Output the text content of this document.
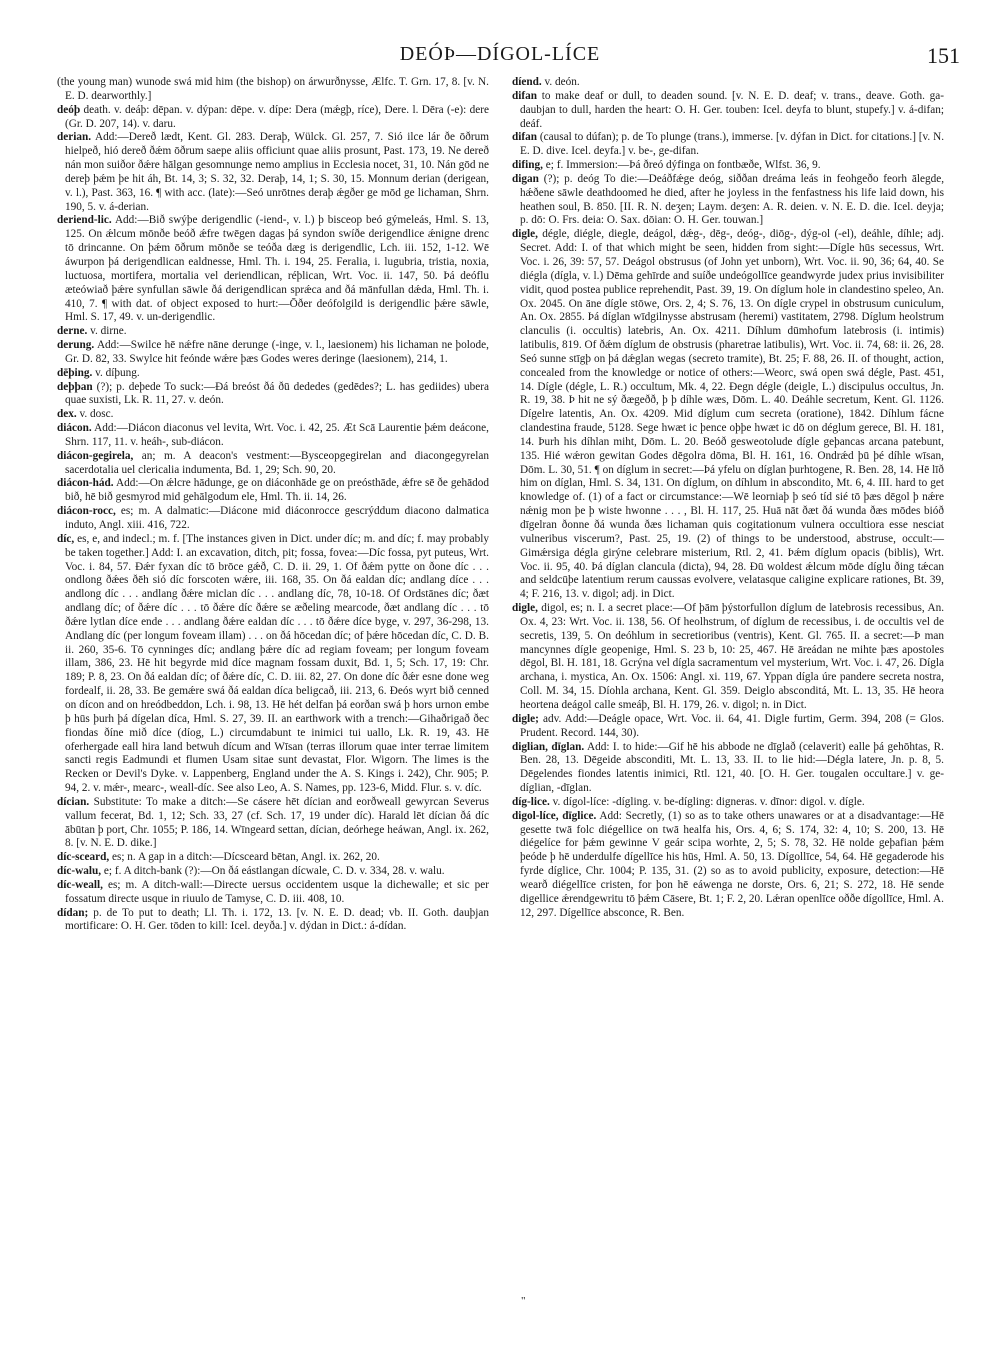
DEÓÞ—DÍGOL-LÍCE	151

(the young man) wunode swá mid him (the bishop) on árwurðnysse, Ælfc. T. Grn. 17, 8. [v. N. E. D. dearworthly.]

deóþ death. v. deáþ: dēpan. v. dýpan: dēpe. v. dípe: Dera (mǽgþ, ríce), Dere. l. Dēra (-e): dere (Gr. D. 207, 14). v. daru.

derian. Add:—Dereð lædt, Kent. Gl. 283. Deraþ, Wülck. Gl. 257, 7. Sió ilce lár ðe ōðrum hielpeð, hió dereð ðǽm ōðrum saepe aliis officiunt quae aliis prosunt, Past. 173, 19. Ne dereð nán mon suiðor ðǽre hālgan gesomnunge nemo amplius in Ecclesia nocet, 31, 10. Nán gōd ne dereþ þǽm þe hit áh, Bt. 14, 3; S. 32, 32. Deraþ, 14, 1; S. 30, 15. Monnum derian (derigean, v. l.), Past. 363, 16. ¶ with acc. (late):—Seó unrōtnes deraþ ǽgðer ge mōd ge lichaman, Shrn. 190, 5. v. á-derian.

deriend-lic. Add:—Bið swýþe derigendlic (-iend-, v. l.) þ bisceop beó gýmeleás, Hml. S. 13, 125. On ǽlcum mōnðe beóð ǽfre twēgen dagas þá syndon swíðe derigendlice ǽnigne drenc tō drincanne. On þǽm ōðrum mōnðe se teóða dæg is derigendlic, Lch. iii. 152, 1-12. Wē áwurpon þá derigendlican ealdnesse, Hml. Th. i. 194, 25. Feralia, i. lugubria, tristia, noxia, luctuosa, mortifera, mortalia vel deriendlican, réþlican, Wrt. Voc. ii. 147, 50. Þá deóflu æteówiað þǽre synfullan sāwle ðá derigendlican sprǽca and ðá mānfullan dǽda, Hml. Th. i. 410, 7. ¶ with dat. of object exposed to hurt:—Ōðer deófolgild is derigendlic þǽre sāwle, Hml. S. 17, 49. v. un-derigendlic.

derne. v. dirne.

derung. Add:—Swilce hē nǽfre nāne derunge (-inge, v. l., laesionem) his lichaman ne þolode, Gr. D. 82, 33. Swylce hit feónde wǽre þæs Godes weres deringe (laesionem), 214, 1.

dēþing. v. díþung.

deþþan (?); p. deþede To suck:—Ðá breóst ðá ðū dededes (gedēdes?; L. has gediides) ubera quae suxisti, Lk. R. 11, 27. v. deón.

dex. v. dosc.

diácon. Add:—Diácon diaconus vel levita, Wrt. Voc. i. 42, 25. Æt Scā Laurentie þǽm deácone, Shrn. 117, 11. v. heáh-, sub-diácon.

diácon-gegirela, an; m. A deacon's vestment:—Bysceopgegirelan and diacongegyrelan sacerdotalia uel clericalia indumenta, Bd. 1, 29; Sch. 90, 20.

diácon-hád. Add:—On ǽlcre hādunge, ge on diáconhāde ge on preósthāde, ǽfre sē ðe gehādod bið, hē bið gesmyrod mid gehālgodum ele, Hml. Th. ii. 14, 26.

diácon-rocc, es; m. A dalmatic:—Diácone mid diáconrocce gescrýddum diacono dalmatica induto, Angl. xiii. 416, 722.

díc, es, e, and indecl.; m. f. [The instances given in Dict. under díc; m. and díc; f. may probably be taken together.] Add: I. an excavation, ditch, pit; fossa, fovea:—Díc fossa, pyt puteus, Wrt. Voc. i. 84, 57. Ðǽr fyxan díc tō brōce gǽð, C. D. ii. 29, 1. Of ðǽm pytte on ðone díc . . . ondlong ðǽes ðēh sió díc forscoten wǽre, iii. 168, 35. On ðá ealdan díc; andlang díce . . . andlong díc . . . andlang ðǽre miclan díc . . . andlang díc, 78, 10-18. Of Ordstānes díc; ðæt andlang díc; of ðǽre díc . . . tō ðǽre díc ðǽre se æðeling mearcode, ðæt andlang díc . . . tō ðǽre lytlan díce ende . . . andlang ðǽre ealdan díc . . . tō ðǽre díce byge, v. 297, 36-298, 13. Andlang díc (per longum foveam illam) . . . on ðá hōcedan díc; of þǽre hōcedan díc, C. D. B. ii. 260, 35-6. Tō cynninges díc; andlang þǽre díc ad regiam foveam; per longum foveam illam, 386, 23. Hē hit begyrde mid díce magnam fossam duxit, Bd. 1, 5; Sch. 17, 19: Chr. 189; P. 8, 23. On ðá ealdan díc; of ðǽre díc, C. D. iii. 82, 27. On done díc ðǽr esne done weg fordealf, ii. 28, 33. Be gemǽre swá ðá ealdan díca beligcað, iii. 213, 6. Ðeós wyrt bið cenned on dícon and on hreódbeddon, Lch. i. 98, 13. Hē hét delfan þá eorðan swá þ hors urnon embe þ hūs þurh þá dígelan díca, Hml. S. 27, 39. II. an earthwork with a trench:—Gihaðrigað ðec fiondas ðíne mið díce (díog, L.) circumdabunt te inimici tui uallo, Lk. R. 19, 43. Hē oferhergade eall hira land betwuh dícum and Wīsan (terras illorum quae inter terrae limitem sancti regis Eadmundi et flumen Usam sitae sunt devastat, Flor. Wigorn. The limes is the Recken or Devil's Dyke. v. Lappenberg, England under the A. S. Kings i. 242), Chr. 905; P. 94, 2. v. mǽr-, mearc-, weall-díc. See also Leo, A. S. Names, pp. 123-6, Midd. Flur. s. v. díc.

dícian. Substitute: To make a ditch:—Se cásere hēt dícian and eorðweall gewyrcan Severus vallum fecerat, Bd. 1, 12; Sch. 33, 27 (cf. Sch. 17, 19 under díc). Harald lēt dícian ðá díc ābūtan þ port, Chr. 1055; P. 186, 14. Wīngeard settan, dícian, deórhege heáwan, Angl. ix. 262, 8. [v. N. E. D. dike.]

díc-sceard, es; n. A gap in a ditch:—Dícsceard bētan, Angl. ix. 262, 20.

díc-walu, e; f. A ditch-bank (?):—On ðá eástlangan dícwale, C. D. v. 334, 28. v. walu.

díc-weall, es; m. A ditch-wall:—Directe uersus occidentem usque la dichewalle; et sic per fossatum directe usque in riuulo de Tamyse, C. D. iii. 408, 10.

dídan; p. de To put to death; Ll. Th. i. 172, 13. [v. N. E. D. dead; vb. II. Goth. dauþjan mortificare: O. H. Ger. tōden to kill: Icel. deyða.] v. dýdan in Dict.: á-dídan.

díend. v. deón.

difan to make deaf or dull, to deaden sound. [v. N. E. D. deaf; v. trans., deave. Goth. ga-daubjan to dull, harden the heart: O. H. Ger. touben: Icel. deyfa to blunt, stupefy.] v. á-difan; deáf.

difan (causal to dúfan); p. de To plunge (trans.), immerse. [v. dýfan in Dict. for citations.] [v. N. E. D. dive. Icel. deyfa.] v. be-, ge-difan.

difing, e; f. Immersion:—Þá ðreó dýfinga on fontbæðe, Wlfst. 36, 9.

digan (?); p. deóg To die:—Deáðfǽge deóg, siððan dreáma leás in feohgeðo feorh ālegde, hǽðene sāwle deathdoomed he died, after he joyless in the fenfastness his life laid down, his heathen soul, B. 850. [II. R. N. deʒen; Laym. deʒen: A. R. deien. v. N. E. D. die. Icel. deyja; p. dō: O. Frs. deia: O. Sax. dōian: O. H. Ger. touwan.]

digle, dégle, diégle, diegle, deágol, dǽg-, dēg-, deóg-, diōg-, dýg-ol (-el), deáhle, díhle; adj. Secret. Add: I. of that which might be seen, hidden from sight:—Dígle hūs secessus, Wrt. Voc. i. 26, 39: 57, 57. Deágol obstrusus (of John yet unborn), Wrt. Voc. ii. 90, 36; 64, 40. Se diégla (dígla, v. l.) Dēma gehīrde and suíðe undeógollīce geandwyrde judex prius invisibiliter vidit, quod postea publice reprehendit, Past. 39, 19. On díglum hole in clandestino speleo, An. Ox. 2045. On āne dígle stōwe, Ors. 2, 4; S. 76, 13. On dígle crypel in obstrusum cuniculum, An. Ox. 2855. Þá díglan wīdgilnysse abstrusam (heremi) vastitatem, 2798. Díglum heolstrum clanculis (i. occultis) latebris, An. Ox. 4211. Díhlum dūmhofum latebrosis (i. intimis) latibulis, 819. Of ðǽm díglum de obstrusis (pharetrae latibulis), Wrt. Voc. ii. 74, 68: ii. 26, 28. Seó sunne stīgþ on þá dǽglan wegas (secreto tramite), Bt. 25; F. 88, 26. II. of thought, action, concealed from the knowledge or notice of others:—Weorc, swá open swá dégle, Past. 451, 14. Dígle (dégle, L. R.) occultum, Mk. 4, 22. Ðegn dégle (deigle, L.) discipulus occultus, Jn. R. 19, 38. Þ hit ne sý ðægeðð, þ þ díhle wæs, Dōm. L. 40. Deáhle secretum, Kent. Gl. 1126. Dígelre latentis, An. Ox. 4209. Mid díglum cum secreta (oratione), 1842. Díhlum fácne clandestina fraude, 5128. Sege hwæt ic þence oþþe hwæt ic dō on déglum gerece, Bl. H. 181, 14. Þurh his díhlan miht, Dōm. L. 20. Beóð gesweotolude dígle geþancas arcana patebunt, 135. Hié wǽron gewitan Godes dēgolra dōma, Bl. H. 161, 16. Ondrǽd þū þé díhle wīsan, Dōm. L. 30, 51. ¶ on díglum in secret:—Þá yfelu on díglan þurhtogene, R. Ben. 28, 14. Hē līð him on díglan, Hml. S. 34, 131. On díglum, on díhlum in abscondito, Mt. 6, 4. III. hard to get knowledge of. (1) of a fact or circumstance:—Wē leorniaþ þ seó tíd sié tō þæs dēgol þ nǽre nǽnig mon þe þ wiste hwonne . . . , Bl. H. 117, 25. Huā nāt ðæt ðá wunda ðæs mōdes bióð dīgelran ðonne ðá wunda ðæs lichaman quis cogitationum vulnera occultiora esse nesciat vulneribus viscerum?, Past. 25, 19. (2) of things to be understood, abstruse, occult:—Gimǽrsiga dégla girýne celebrare misterium, Rtl. 2, 41. Þǽm díglum opacis (biblis), Wrt. Voc. ii. 95, 40. Þá díglan clancula (dicta), 94, 28. Ðū woldest ǽlcum mōde díglu ðing tǽcan and seldcūþe latentium rerum caussas evolvere, velatasque caligine explicare rationes, Bt. 39, 4; F. 216, 13. v. digol; adj. in Dict.

digle, digol, es; n. I. a secret place:—Of þām þýstorfullon díglum de latebrosis recessibus, An. Ox. 4, 23: Wrt. Voc. ii. 138, 56. Of heolhstrum, of díglum de recessibus, i. de occultis vel de secretis, 139, 5. On deóhlum in secretioribus (ventris), Kent. Gl. 765. II. a secret:—Þ man mancynnes dígle geopenige, Hml. S. 23 b, 10: 25, 467. Hē āreádan ne mihte þæs apostoles dēgol, Bl. H. 181, 18. Gcrýna vel dígla sacramentum vel mysterium, Wrt. Voc. i. 47, 26. Dígla archana, i. mystica, An. Ox. 1506: Angl. xi. 119, 67. Yppan dígla úre pandere secreta nostra, Coll. M. 34, 15. Díohla archana, Kent. Gl. 359. Deiglo absconditá, Mt. L. 13, 35. Hē heora heortena deágol calle smeáþ, Bl. H. 179, 26. v. digol; n. in Dict.

digle; adv. Add:—Deágle opace, Wrt. Voc. ii. 64, 41. Digle furtim, Germ. 394, 208 (= Glos. Prudent. Record. 144, 30).

diglian, dīglan. Add: I. to hide:—Gif hē his abbode ne dīglað (celaverit) ealle þá gehōhtas, R. Ben. 28, 13. Dēgeide absconditi, Mt. L. 13, 33. II. to lie hid:—Dégla latere, Jn. p. 8, 5. Dēgelendes fiondes latentis inimici, Rtl. 121, 40. [O. H. Ger. tougalen occultare.] v. ge-díglian, -dīglan.

díg-lice. v. dígol-líce: -dígling. v. be-dígling: digneras. v. dīnor: digol. v. dígle.

digol-líce, dīglice. Add: Secretly, (1) so as to take others unawares or at a disadvantage:—Hē gesette twā folc diégellice on twā healfa his, Ors. 4, 6; S. 174, 32: 4, 10; S. 200, 13. Hē diégelíce for þǽm gewinne V geár scipa worhte, 2, 5; S. 78, 32. Hē nolde geþafian þǽm þeóde þ hē underdulfe dígellīce his hūs, Hml. A. 50, 13. Dígollīce, 54, 64. Hē gegaderode his fyrde díglice, Chr. 1004; P. 135, 31. (2) so as to avoid publicity, exposure, detection:—Hē wearð diégellīce cristen, for þon hē eáwenga ne dorste, Ors. 6, 21; S. 272, 18. Hē sende digellice ǽrendgewritu tō þǽm Cāsere, Bt. 1; F. 2, 20. Lǽran openlīce oððe dígollīce, Hml. A. 12, 297. Dígellīce absconce, R. Ben.

"
